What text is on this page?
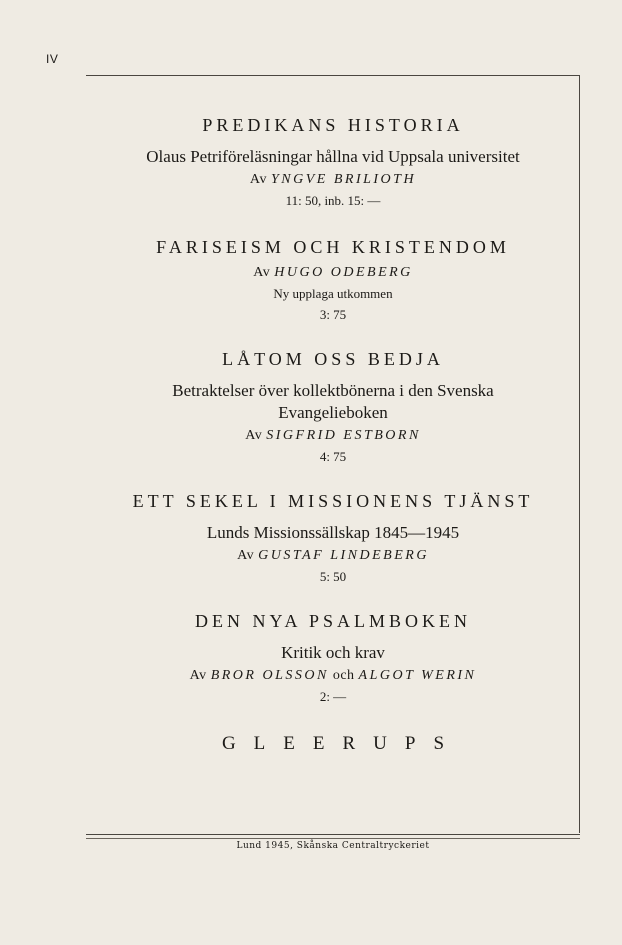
IV

PREDIKANS HISTORIA

Olaus Petriföreläsningar hållna vid Uppsala universitet

Av YNGVE BRILIOTH

11: 50, inb. 15: —

FARISEISM OCH KRISTENDOM

Av HUGO ODEBERG

Ny upplaga utkommen

3: 75

LÅTOM OSS BEDJA

Betraktelser över kollektbönerna i den Svenska

Evangelieboken

Av SIGFRID ESTBORN

4: 75

ETT SEKEL I MISSIONENS TJÄNST

Lunds Missionssällskap 1845—1945

Av GUSTAF LINDEBERG

5: 50

DEN NYA PSALMBOKEN

Kritik och krav

Av BROR OLSSON och ALGOT WERIN

2: —

GLEERUPS

Lund 1945, Skånska Centraltryckeriet
